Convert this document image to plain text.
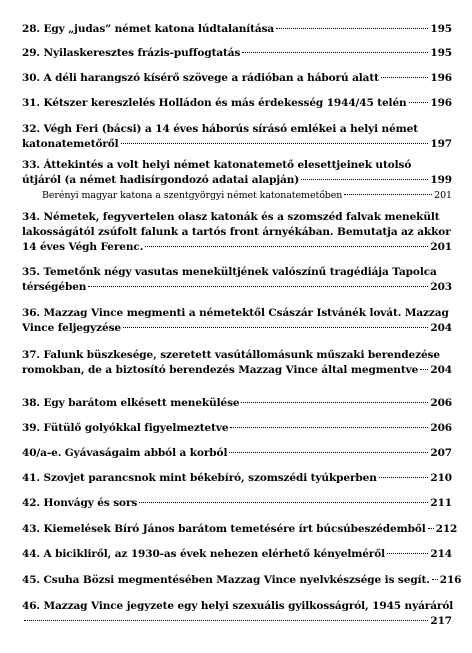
28. Egy „judas” német katona lúdtalanítása	195
29. Nyilaskeresztes frázis-puffogtatás	195
30. A déli harangszó kísérő szövege a rádióban a háború alatt	196
31. Kétszer kereszlelés Holládon és más érdekesség 1944/45 telén 196
32. Végh Feri (bácsi) a 14 éves háborús sírásó emlékei a helyi német
katonatemetőről	197
33. Áttekintés a volt helyi német katonatemető elesettjeinek utolsó
útjáról (a német hadisírgondozó adatai alapján)	199
Berényi magyar katona a szentgyörgyi német katonatemetőben	201
34. Németek, fegyvertelen olasz katonák és a szomszéd falvak menekült
lakosságától zsúfolt falunk a tartós front árnyékában. Bemutatja az akkor
14 éves Végh Ferenc.	201
35. Temetőnk négy vasutas menekültjének valószínű tragédiája Tapolca
térségében	203
36. Mazzag Vince megmenti a németektől Császár Istvánék lovát. Mazzag
Vince feljegyzése	204
37. Falunk büszkesége, szeretett vasútállomásunk műszaki berendezése
romokban, de a biztosító berendezés Mazzag Vince által megmentve 204
38. Egy barátom elkésett menekülése	206
39. Fütülő golyókkal figyelmeztetve	206
40/a-e. Gyávaságaim abból a korból	207
41. Szovjet parancsnok mint békebíró, szomszédi tyúkperben	210
42. Honvágy és sors	211
43. Kiemelések Bíró János barátom temetésére írt búcsúbeszédemből 212
44. A bicikliről, az 1930-as évek nehezen elérhető kényelméről	214
45. Csuha Bözsi megmentésében Mazzag Vince nyelvkészsége is segít. 216
46. Mazzag Vince jegyzete egy helyi szexuális gyilkosságról, 1945 nyáráról
217
